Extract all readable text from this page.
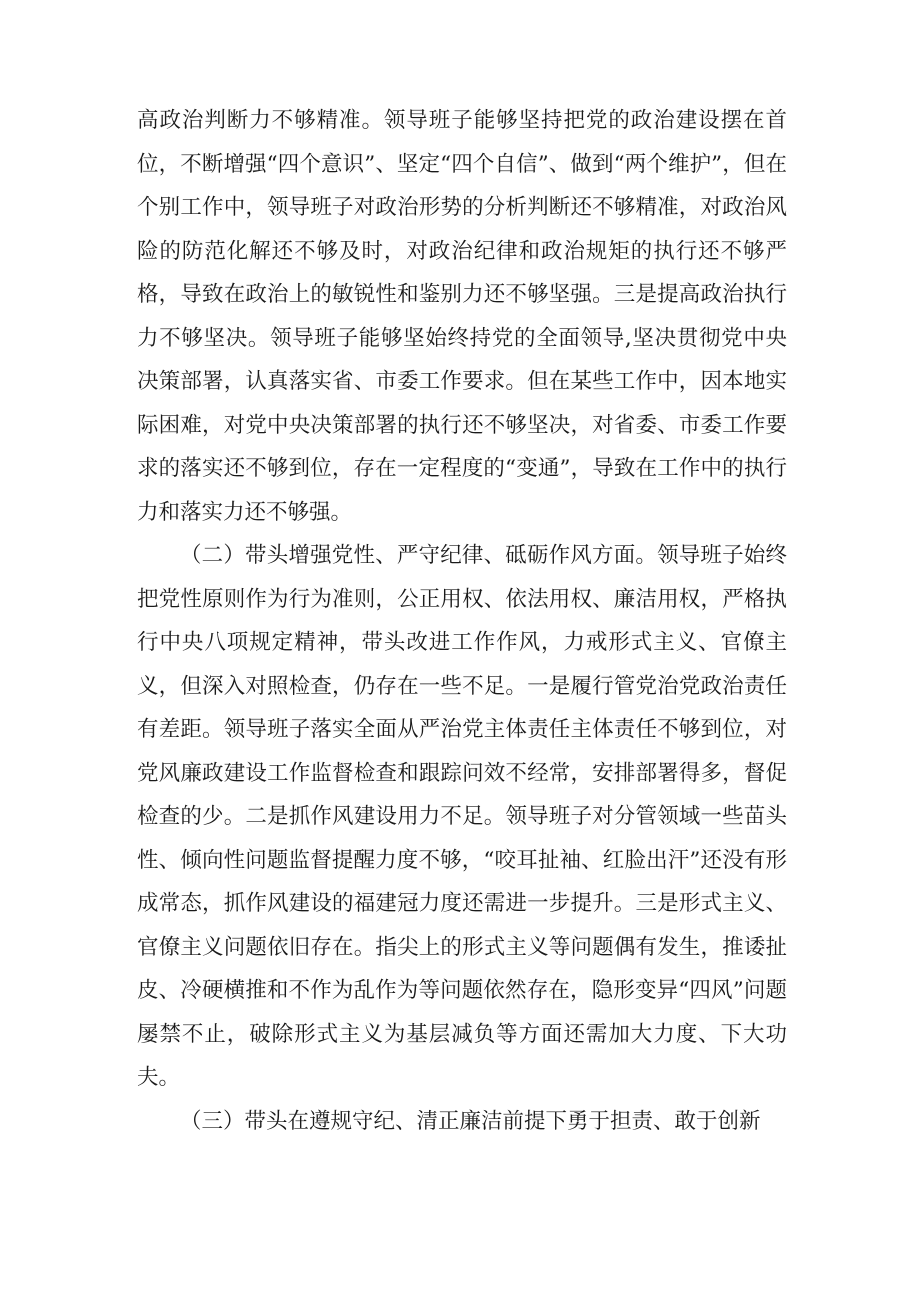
高政治判断力不够精准。领导班子能够坚持把党的政治建设摆在首位，不断增强“四个意识”、坚定“四个自信”、做到“两个维护”，但在个别工作中，领导班子对政治形势的分析判断还不够精准，对政治风险的防范化解还不够及时，对政治纪律和政治规矩的执行还不够严格，导致在政治上的敏锐性和鉴别力还不够坚强。三是提高政治执行力不够坚决。领导班子能够坚始终持党的全面领导,坚决贯彻党中央决策部署，认真落实省、市委工作要求。但在某些工作中，因本地实际困难，对党中央决策部署的执行还不够坚决，对省委、市委工作要求的落实还不够到位，存在一定程度的“变通”，导致在工作中的执行力和落实力还不够强。

（二）带头增强党性、严守纪律、砥砺作风方面。领导班子始终把党性原则作为行为准则，公正用权、依法用权、廉洁用权，严格执行中央八项规定精神，带头改进工作作风，力戒形式主义、官僚主义，但深入对照检查，仍存在一些不足。一是履行管党治党政治责任有差距。领导班子落实全面从严治党主体责任主体责任不够到位，对党风廉政建设工作监督检查和跟踪问效不经常，安排部署得多，督促检查的少。二是抓作风建设用力不足。领导班子对分管领域一些苗头性、倾向性问题监督提醒力度不够，“咬耳扯袖、红脸出汗”还没有形成常态，抓作风建设的福建冠力度还需进一步提升。三是形式主义、官僚主义问题依旧存在。指尖上的形式主义等问题偶有发生，推诿扯皮、冷硬横推和不作为乱作为等问题依然存在，隐形变异“四风”问题屡禁不止，破除形式主义为基层减负等方面还需加大力度、下大功夫。

（三）带头在遵规守纪、清正廉洁前提下勇于担责、敢于创新
